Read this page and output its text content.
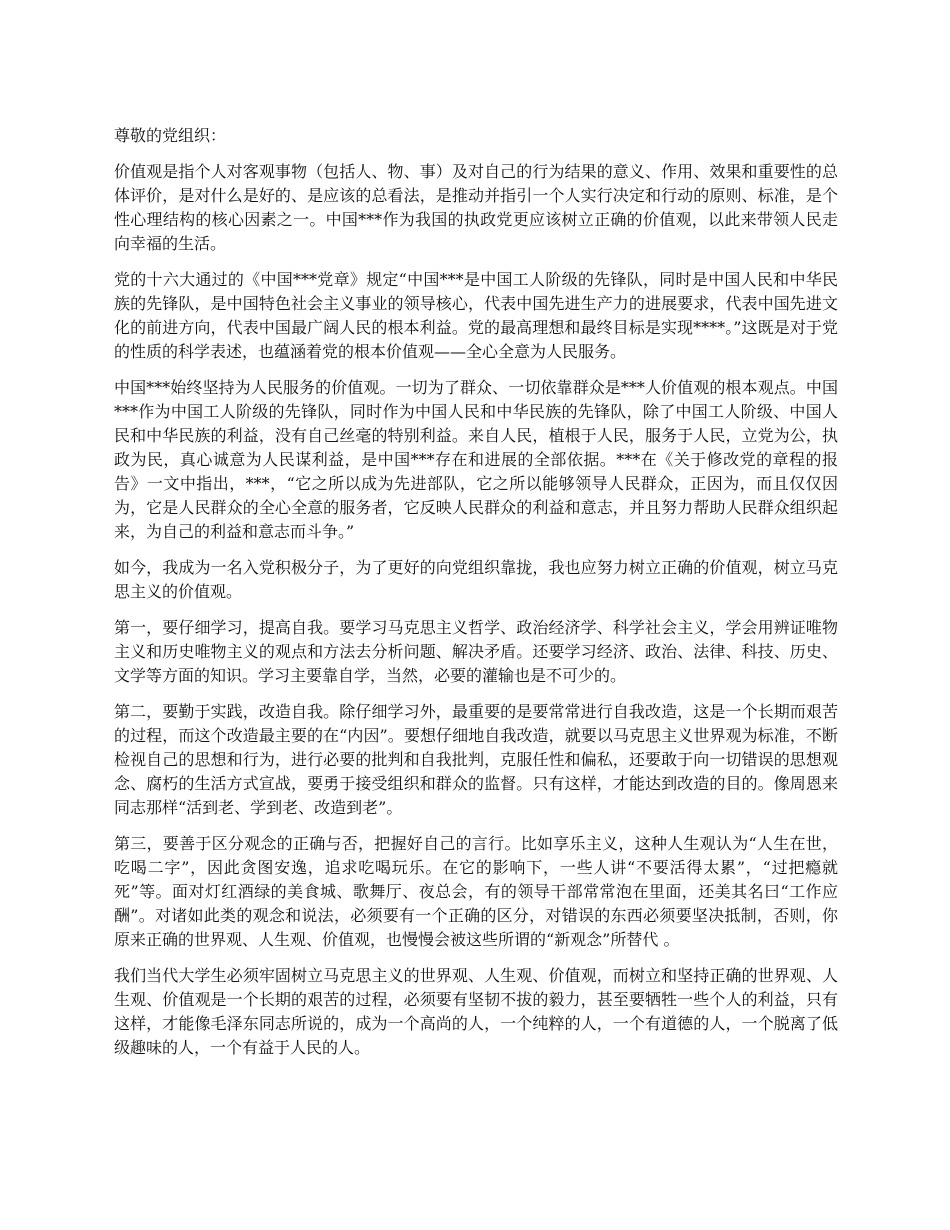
尊敬的党组织：

价值观是指个人对客观事物（包括人、物、事）及对自己的行为结果的意义、作用、效果和重要性的总体评价，是对什么是好的、是应该的总看法，是推动并指引一个人实行决定和行动的原则、标准，是个性心理结构的核心因素之一。中国***作为我国的执政党更应该树立正确的价值观，以此来带领人民走向幸福的生活。

党的十六大通过的《中国***党章》规定“中国***是中国工人阶级的先锋队，同时是中国人民和中华民族的先锋队，是中国特色社会主义事业的领导核心，代表中国先进生产力的进展要求，代表中国先进文化的前进方向，代表中国最广阔人民的根本利益。党的最高理想和最终目标是实现****。”这既是对于党的性质的科学表述，也蕴涵着党的根本价值观——全心全意为人民服务。

中国***始终坚持为人民服务的价值观。一切为了群众、一切依靠群众是***人价值观的根本观点。中国***作为中国工人阶级的先锋队，同时作为中国人民和中华民族的先锋队，除了中国工人阶级、中国人民和中华民族的利益，没有自己丝毫的特别利益。来自人民，植根于人民，服务于人民，立党为公，执政为民，真心诚意为人民谋利益，是中国***存在和进展的全部依据。***在《关于修改党的章程的报告》一文中指出，***，“它之所以成为先进部队，它之所以能够领导人民群众，正因为，而且仅仅因为，它是人民群众的全心全意的服务者，它反映人民群众的利益和意志，并且努力帮助人民群众组织起来，为自己的利益和意志而斗争。”

如今，我成为一名入党积极分子，为了更好的向党组织靠拢，我也应努力树立正确的价值观，树立马克思主义的价值观。

第一，要仔细学习，提高自我。要学习马克思主义哲学、政治经济学、科学社会主义，学会用辨证唯物主义和历史唯物主义的观点和方法去分析问题、解决矛盾。还要学习经济、政治、法律、科技、历史、文学等方面的知识。学习主要靠自学，当然，必要的灌输也是不可少的。

第二，要勤于实践，改造自我。除仔细学习外，最重要的是要常常进行自我改造，这是一个长期而艰苦的过程，而这个改造最主要的在“内因”。要想仔细地自我改造，就要以马克思主义世界观为标准，不断检视自己的思想和行为，进行必要的批判和自我批判，克服任性和偏私，还要敢于向一切错误的思想观念、腐朽的生活方式宣战，要勇于接受组织和群众的监督。只有这样，才能达到改造的目的。像周恩来同志那样“活到老、学到老、改造到老”。

第三，要善于区分观念的正确与否，把握好自己的言行。比如享乐主义，这种人生观认为“人生在世，吃喝二字”，因此贪图安逸，追求吃喝玩乐。在它的影响下，一些人讲“不要活得太累”，“过把瘾就死”等。面对灯红酒绿的美食城、歌舞厅、夜总会，有的领导干部常常泡在里面，还美其名曰“工作应酬”。对诸如此类的观念和说法，必须要有一个正确的区分，对错误的东西必须要坚决抵制，否则，你原来正确的世界观、人生观、价值观，也慢慢会被这些所谓的“新观念”所替代 。

我们当代大学生必须牢固树立马克思主义的世界观、人生观、价值观，而树立和坚持正确的世界观、人生观、价值观是一个长期的艰苦的过程，必须要有坚韧不拔的毅力，甚至要牺牲一些个人的利益，只有这样，才能像毛泽东同志所说的，成为一个高尚的人，一个纯粹的人，一个有道德的人，一个脱离了低级趣味的人，一个有益于人民的人。
